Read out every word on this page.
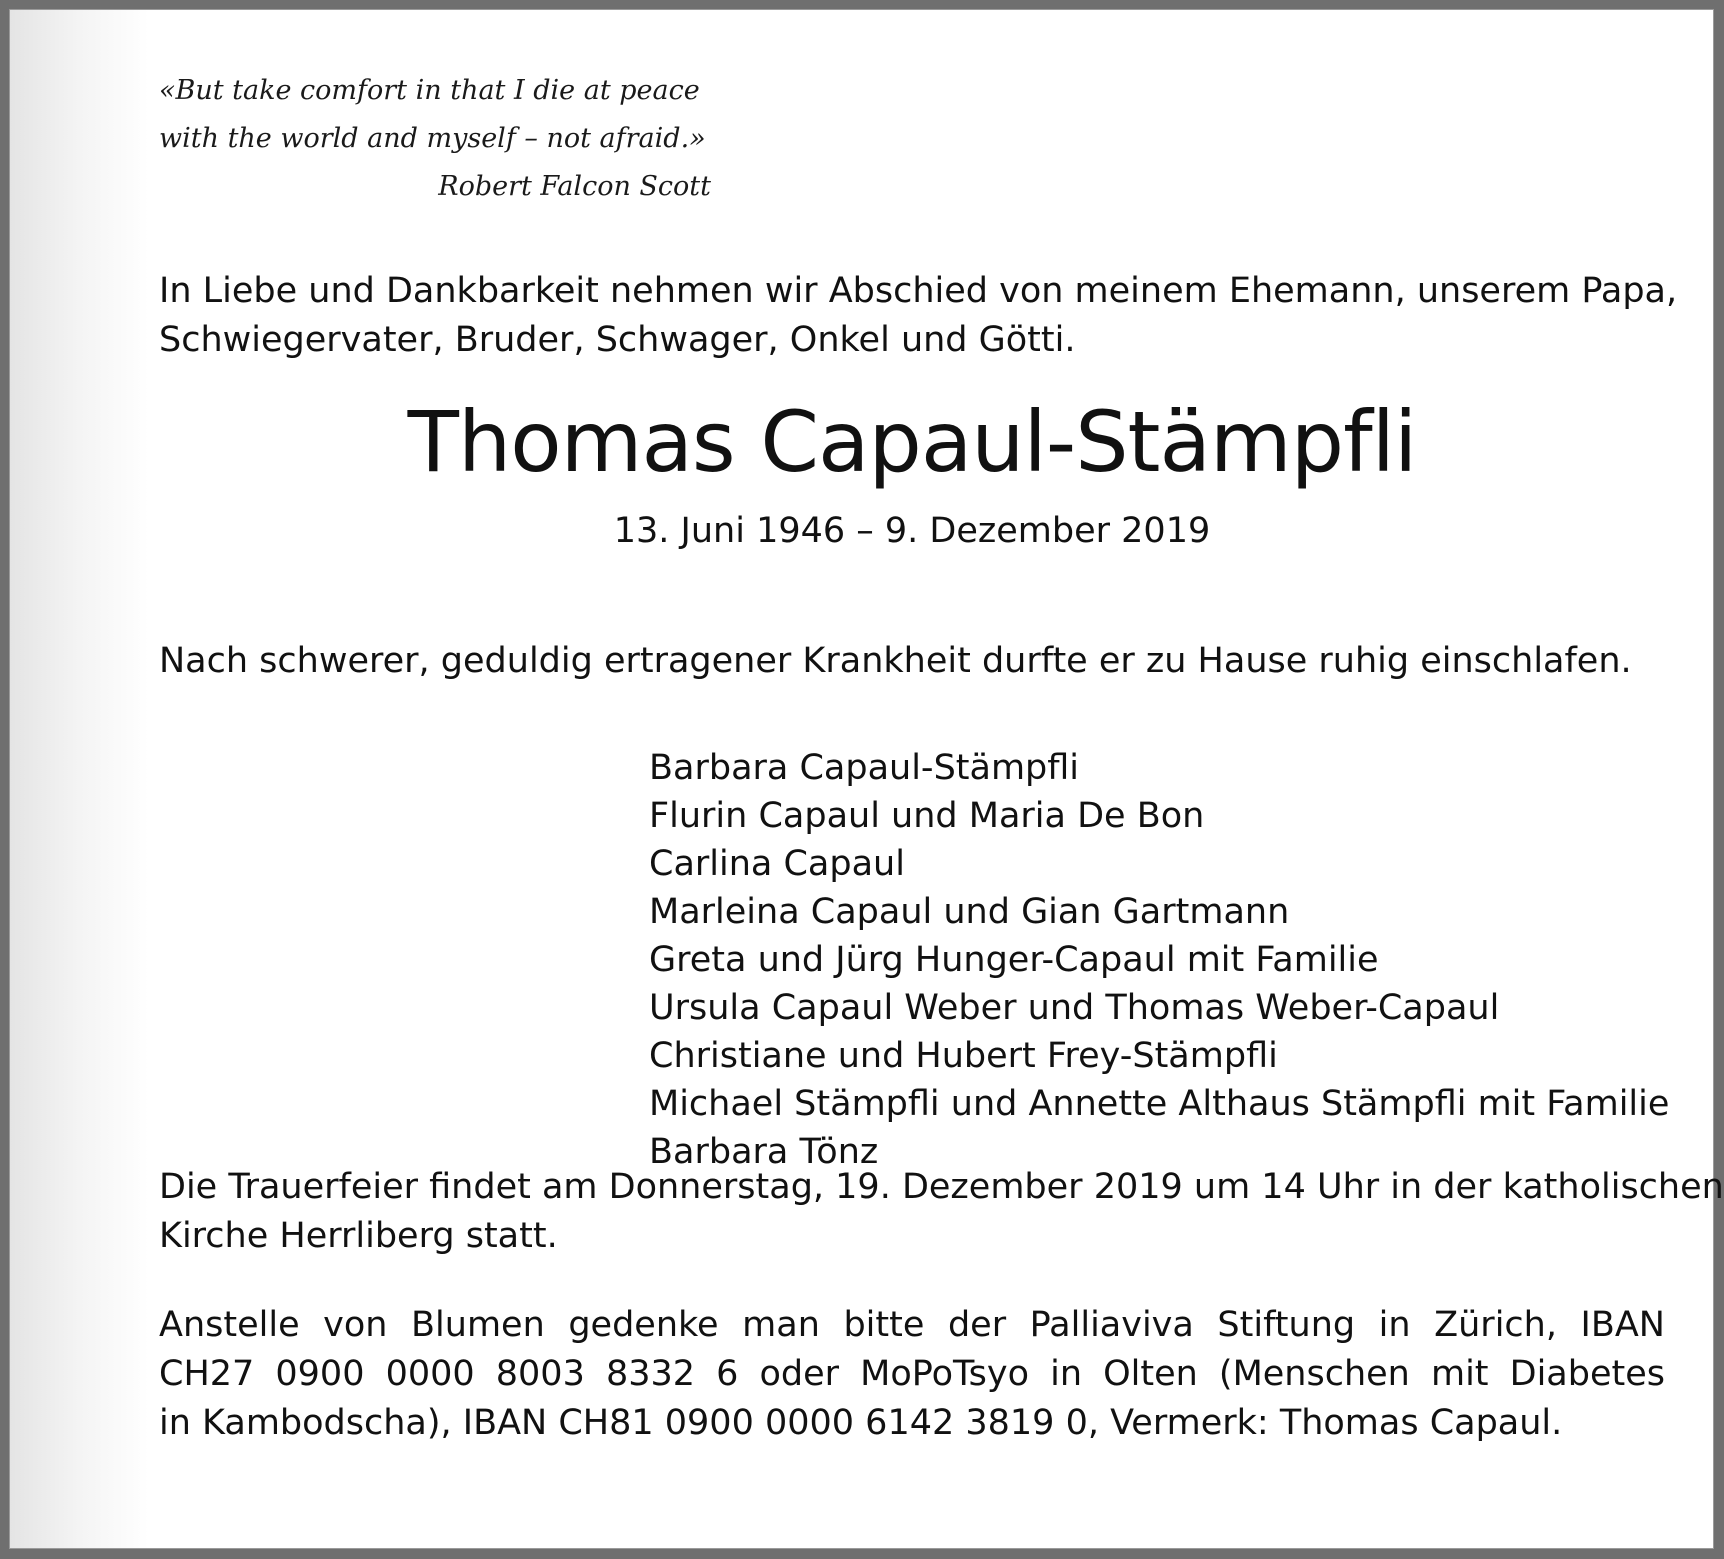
«But take comfort in that I die at peace
with the world and myself – not afraid.»
Robert Falcon Scott
In Liebe und Dankbarkeit nehmen wir Abschied von meinem Ehemann, unserem Papa,
Schwiegervater, Bruder, Schwager, Onkel und Götti.
Thomas Capaul-Stämpfli
13. Juni 1946 – 9. Dezember 2019
Nach schwerer, geduldig ertragener Krankheit durfte er zu Hause ruhig einschlafen.
Barbara Capaul-Stämpfli
Flurin Capaul und Maria De Bon
Carlina Capaul
Marleina Capaul und Gian Gartmann
Greta und Jürg Hunger-Capaul mit Familie
Ursula Capaul Weber und Thomas Weber-Capaul
Christiane und Hubert Frey-Stämpfli
Michael Stämpfli und Annette Althaus Stämpfli mit Familie
Barbara Tönz
Die Trauerfeier findet am Donnerstag, 19. Dezember 2019 um 14 Uhr in der katholischen
Kirche Herrliberg statt.
Anstelle von Blumen gedenke man bitte der Palliaviva Stiftung in Zürich, IBAN
CH27 0900 0000 8003 8332 6 oder MoPoTsyo in Olten (Menschen mit Diabetes
in Kambodscha), IBAN CH81 0900 0000 6142 3819 0, Vermerk: Thomas Capaul.
